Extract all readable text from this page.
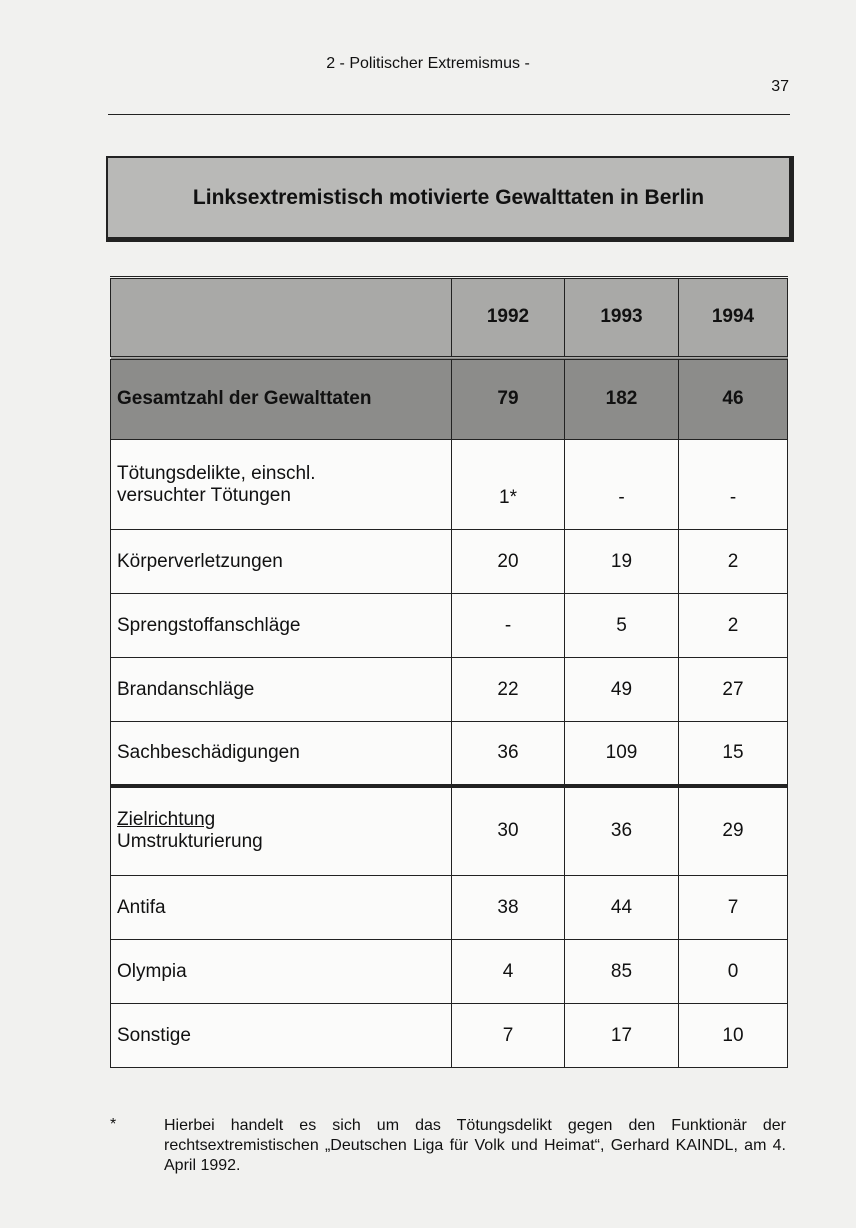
2 - Politischer Extremismus -
37
Linksextremistisch motivierte Gewalttaten in Berlin
	1992	1993	1994
Gesamtzahl der Gewalttaten	79	182	46
Tötungsdelikte, einschl.
versuchter Tötungen	1*	-	-
Körperverletzungen	20	19	2
Sprengstoffanschläge	-	5	2
Brandanschläge	22	49	27
Sachbeschädigungen	36	109	15

Zielrichtung
Umstrukturierung	30	36	29
Antifa	38	44	7
Olympia	4	85	0
Sonstige	7	17	10
*	Hierbei handelt es sich um das Tötungsdelikt gegen den Funktionär der rechtsextremistischen „Deutschen Liga für Volk und Heimat“, Gerhard KAINDL, am 4. April 1992.
